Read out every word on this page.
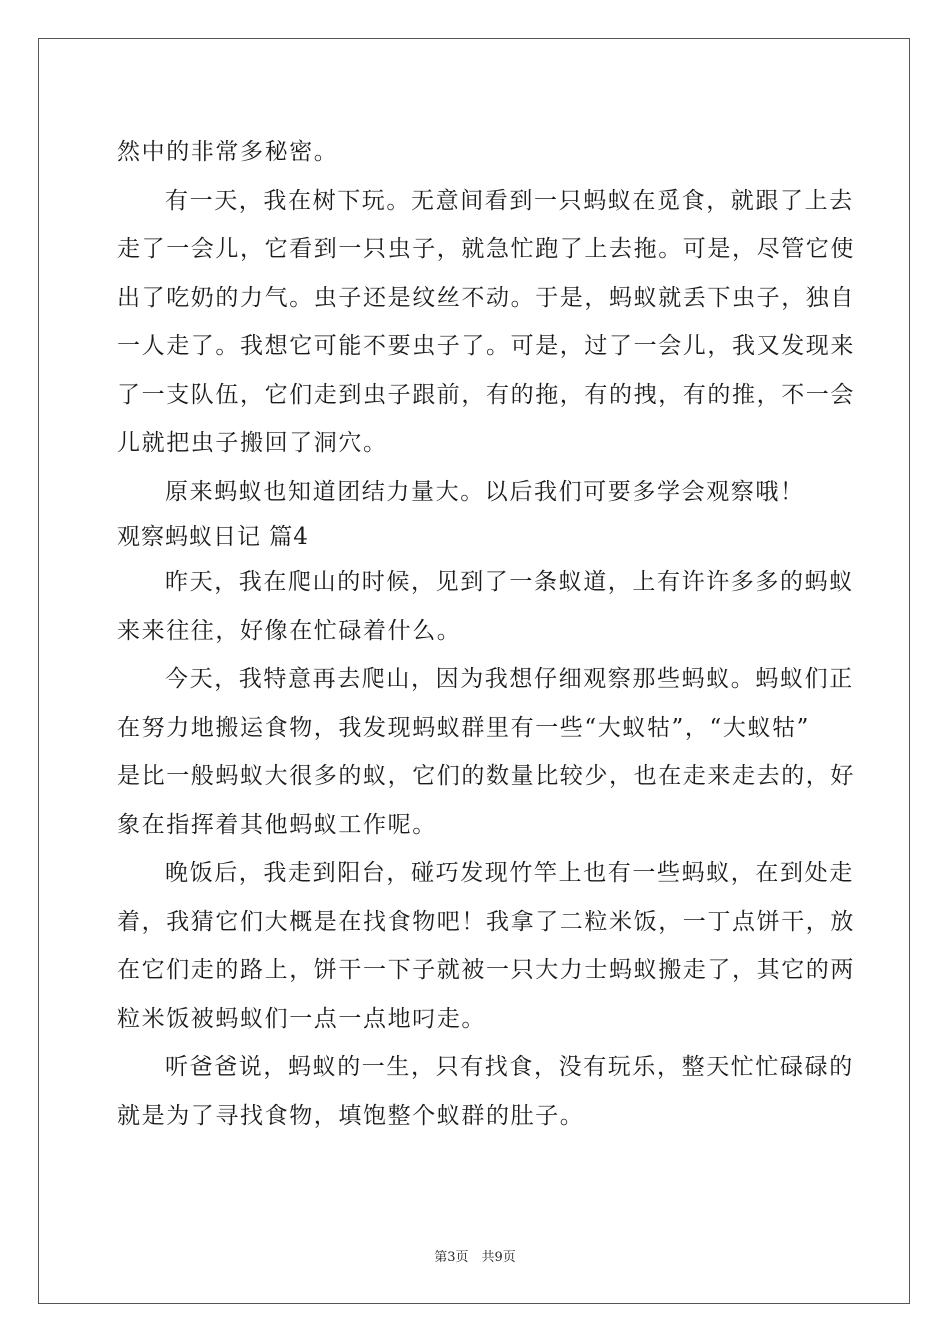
然中的非常多秘密。
有一天，我在树下玩。无意间看到一只蚂蚁在觅食，就跟了上去
走了一会儿，它看到一只虫子，就急忙跑了上去拖。可是，尽管它使
出了吃奶的力气。虫子还是纹丝不动。于是，蚂蚁就丢下虫子，独自
一人走了。我想它可能不要虫子了。可是，过了一会儿，我又发现来
了一支队伍，它们走到虫子跟前，有的拖，有的拽，有的推，不一会
儿就把虫子搬回了洞穴。
原来蚂蚁也知道团结力量大。以后我们可要多学会观察哦！
观察蚂蚁日记 篇4
昨天，我在爬山的时候，见到了一条蚁道，上有许许多多的蚂蚁
来来往往，好像在忙碌着什么。
今天，我特意再去爬山，因为我想仔细观察那些蚂蚁。蚂蚁们正
在努力地搬运食物，我发现蚂蚁群里有一些“大蚁牯”，“大蚁牯”
是比一般蚂蚁大很多的蚁，它们的数量比较少，也在走来走去的，好
象在指挥着其他蚂蚁工作呢。
晚饭后，我走到阳台，碰巧发现竹竿上也有一些蚂蚁，在到处走
着，我猜它们大概是在找食物吧！我拿了二粒米饭，一丁点饼干，放
在它们走的路上，饼干一下子就被一只大力士蚂蚁搬走了，其它的两
粒米饭被蚂蚁们一点一点地叼走。
听爸爸说，蚂蚁的一生，只有找食，没有玩乐，整天忙忙碌碌的
就是为了寻找食物，填饱整个蚁群的肚子。
第3页　共9页
